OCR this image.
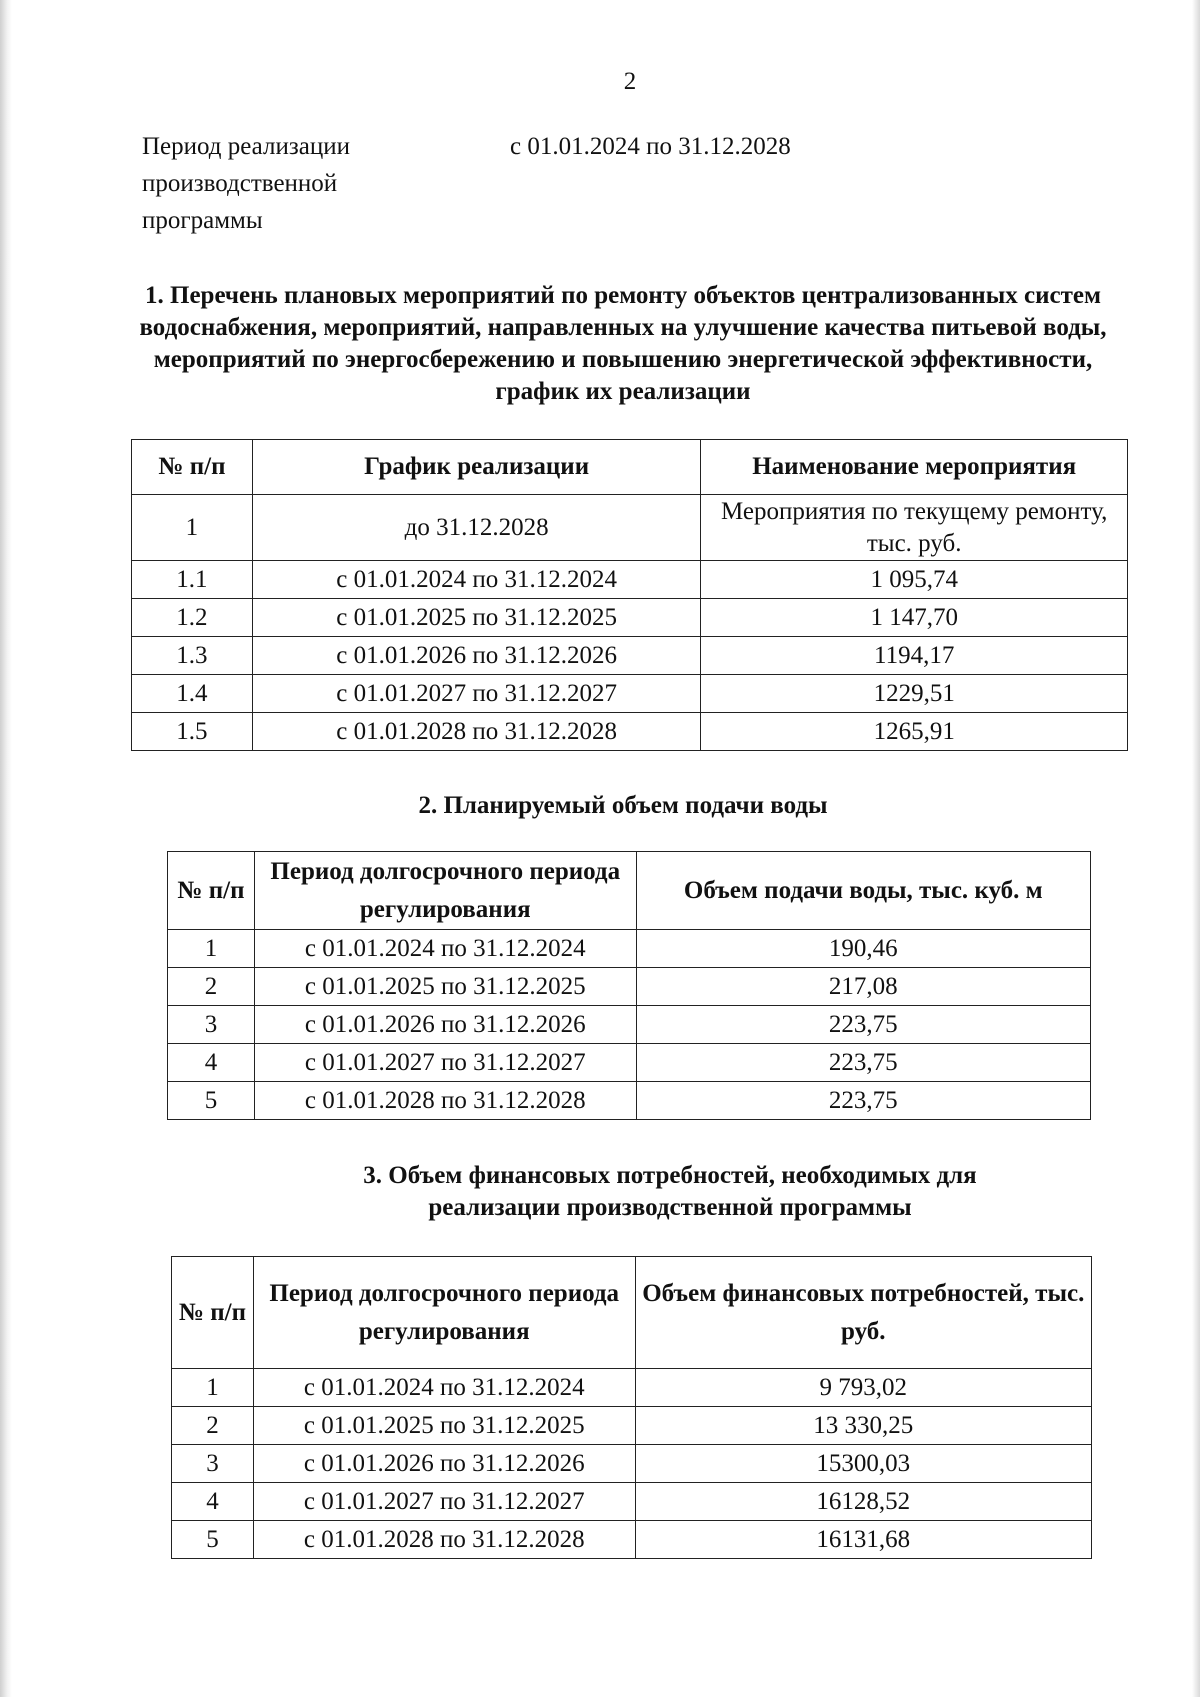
2
Период реализации производственной программы
с 01.01.2024 по 31.12.2028
1. Перечень плановых мероприятий по ремонту объектов централизованных систем водоснабжения, мероприятий, направленных на улучшение качества питьевой воды, мероприятий по энергосбережению и повышению энергетической эффективности, график их реализации
№ п/п	График реализации	Наименование мероприятия
1	до 31.12.2028	Мероприятия по текущему ремонту, тыс. руб.
1.1	с 01.01.2024 по 31.12.2024	1 095,74
1.2	с 01.01.2025 по 31.12.2025	1 147,70
1.3	с 01.01.2026 по 31.12.2026	1194,17
1.4	с 01.01.2027 по 31.12.2027	1229,51
1.5	с 01.01.2028 по 31.12.2028	1265,91
2. Планируемый объем подачи воды
№ п/п	Период долгосрочного периода регулирования	Объем подачи воды, тыс. куб. м
1	с 01.01.2024 по 31.12.2024	190,46
2	с 01.01.2025 по 31.12.2025	217,08
3	с 01.01.2026 по 31.12.2026	223,75
4	с 01.01.2027 по 31.12.2027	223,75
5	с 01.01.2028 по 31.12.2028	223,75
3. Объем финансовых потребностей, необходимых для реализации производственной программы
№ п/п	Период долгосрочного периода регулирования	Объем финансовых потребностей, тыс. руб.
1	с 01.01.2024 по 31.12.2024	9 793,02
2	с 01.01.2025 по 31.12.2025	13 330,25
3	с 01.01.2026 по 31.12.2026	15300,03
4	с 01.01.2027 по 31.12.2027	16128,52
5	с 01.01.2028 по 31.12.2028	16131,68
